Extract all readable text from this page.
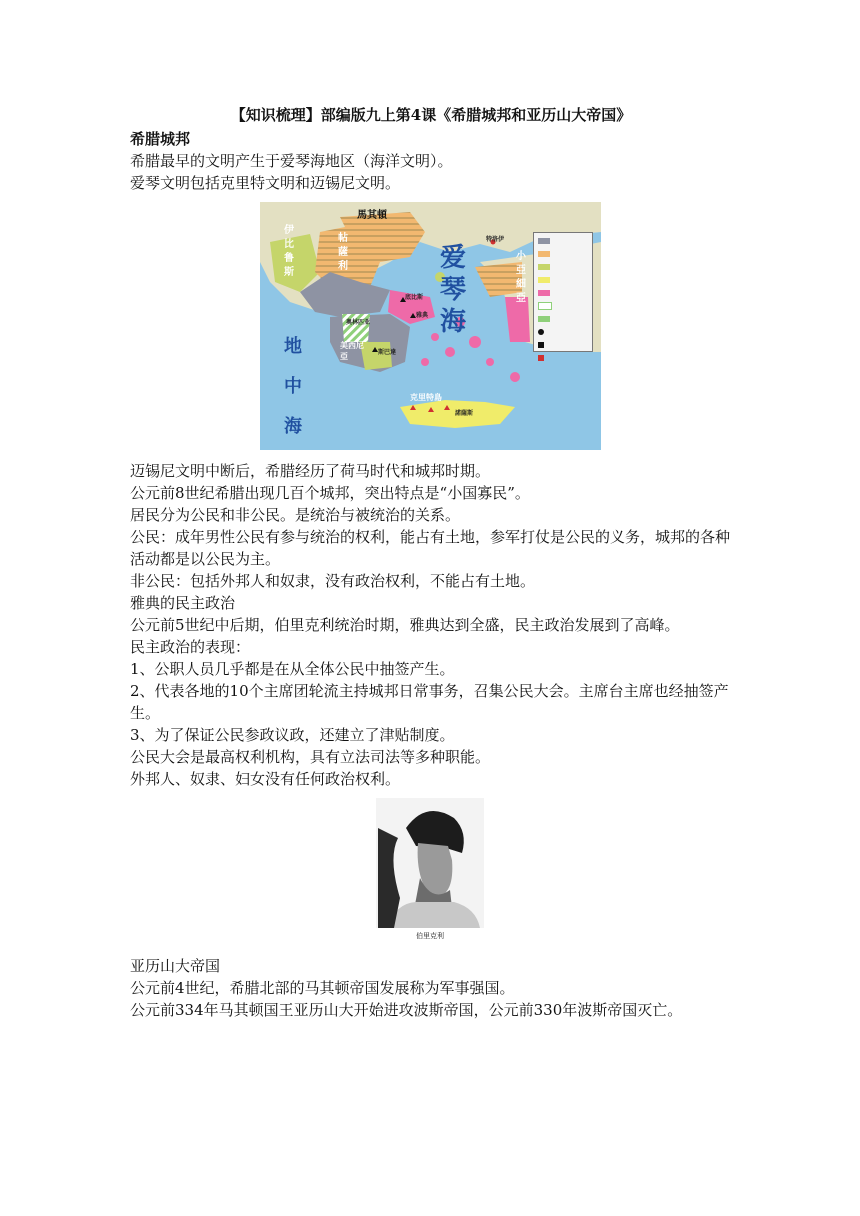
【知识梳理】部编版九上第4课《希腊城邦和亚历山大帝国》

希腊城邦

希腊最早的文明产生于爱琴海地区（海洋文明）。

爱琴文明包括克里特文明和迈锡尼文明。

馬其頓
伊比鲁斯
帖薩利
小亞細亞
爱琴海
地中海
克里特島
特洛伊
底比斯
雅典
奥林匹亚
美西尼亞	斯巴達
諾薩斯

迈锡尼文明中断后，希腊经历了荷马时代和城邦时期。

公元前8世纪希腊出现几百个城邦，突出特点是“小国寡民”。

居民分为公民和非公民。是统治与被统治的关系。

公民：成年男性公民有参与统治的权利，能占有土地，参军打仗是公民的义务，城邦的各种活动都是以公民为主。

非公民：包括外邦人和奴隶，没有政治权利，不能占有土地。

雅典的民主政治

公元前5世纪中后期，伯里克利统治时期，雅典达到全盛，民主政治发展到了高峰。

民主政治的表现：

1、公职人员几乎都是在从全体公民中抽签产生。

2、代表各地的10个主席团轮流主持城邦日常事务，召集公民大会。主席台主席也经抽签产生。

3、为了保证公民参政议政，还建立了津贴制度。

公民大会是最高权利机构，具有立法司法等多种职能。

外邦人、奴隶、妇女没有任何政治权利。

伯里克利

亚历山大帝国

公元前4世纪，希腊北部的马其顿帝国发展称为军事强国。

公元前334年马其顿国王亚历山大开始进攻波斯帝国，公元前330年波斯帝国灭亡。
